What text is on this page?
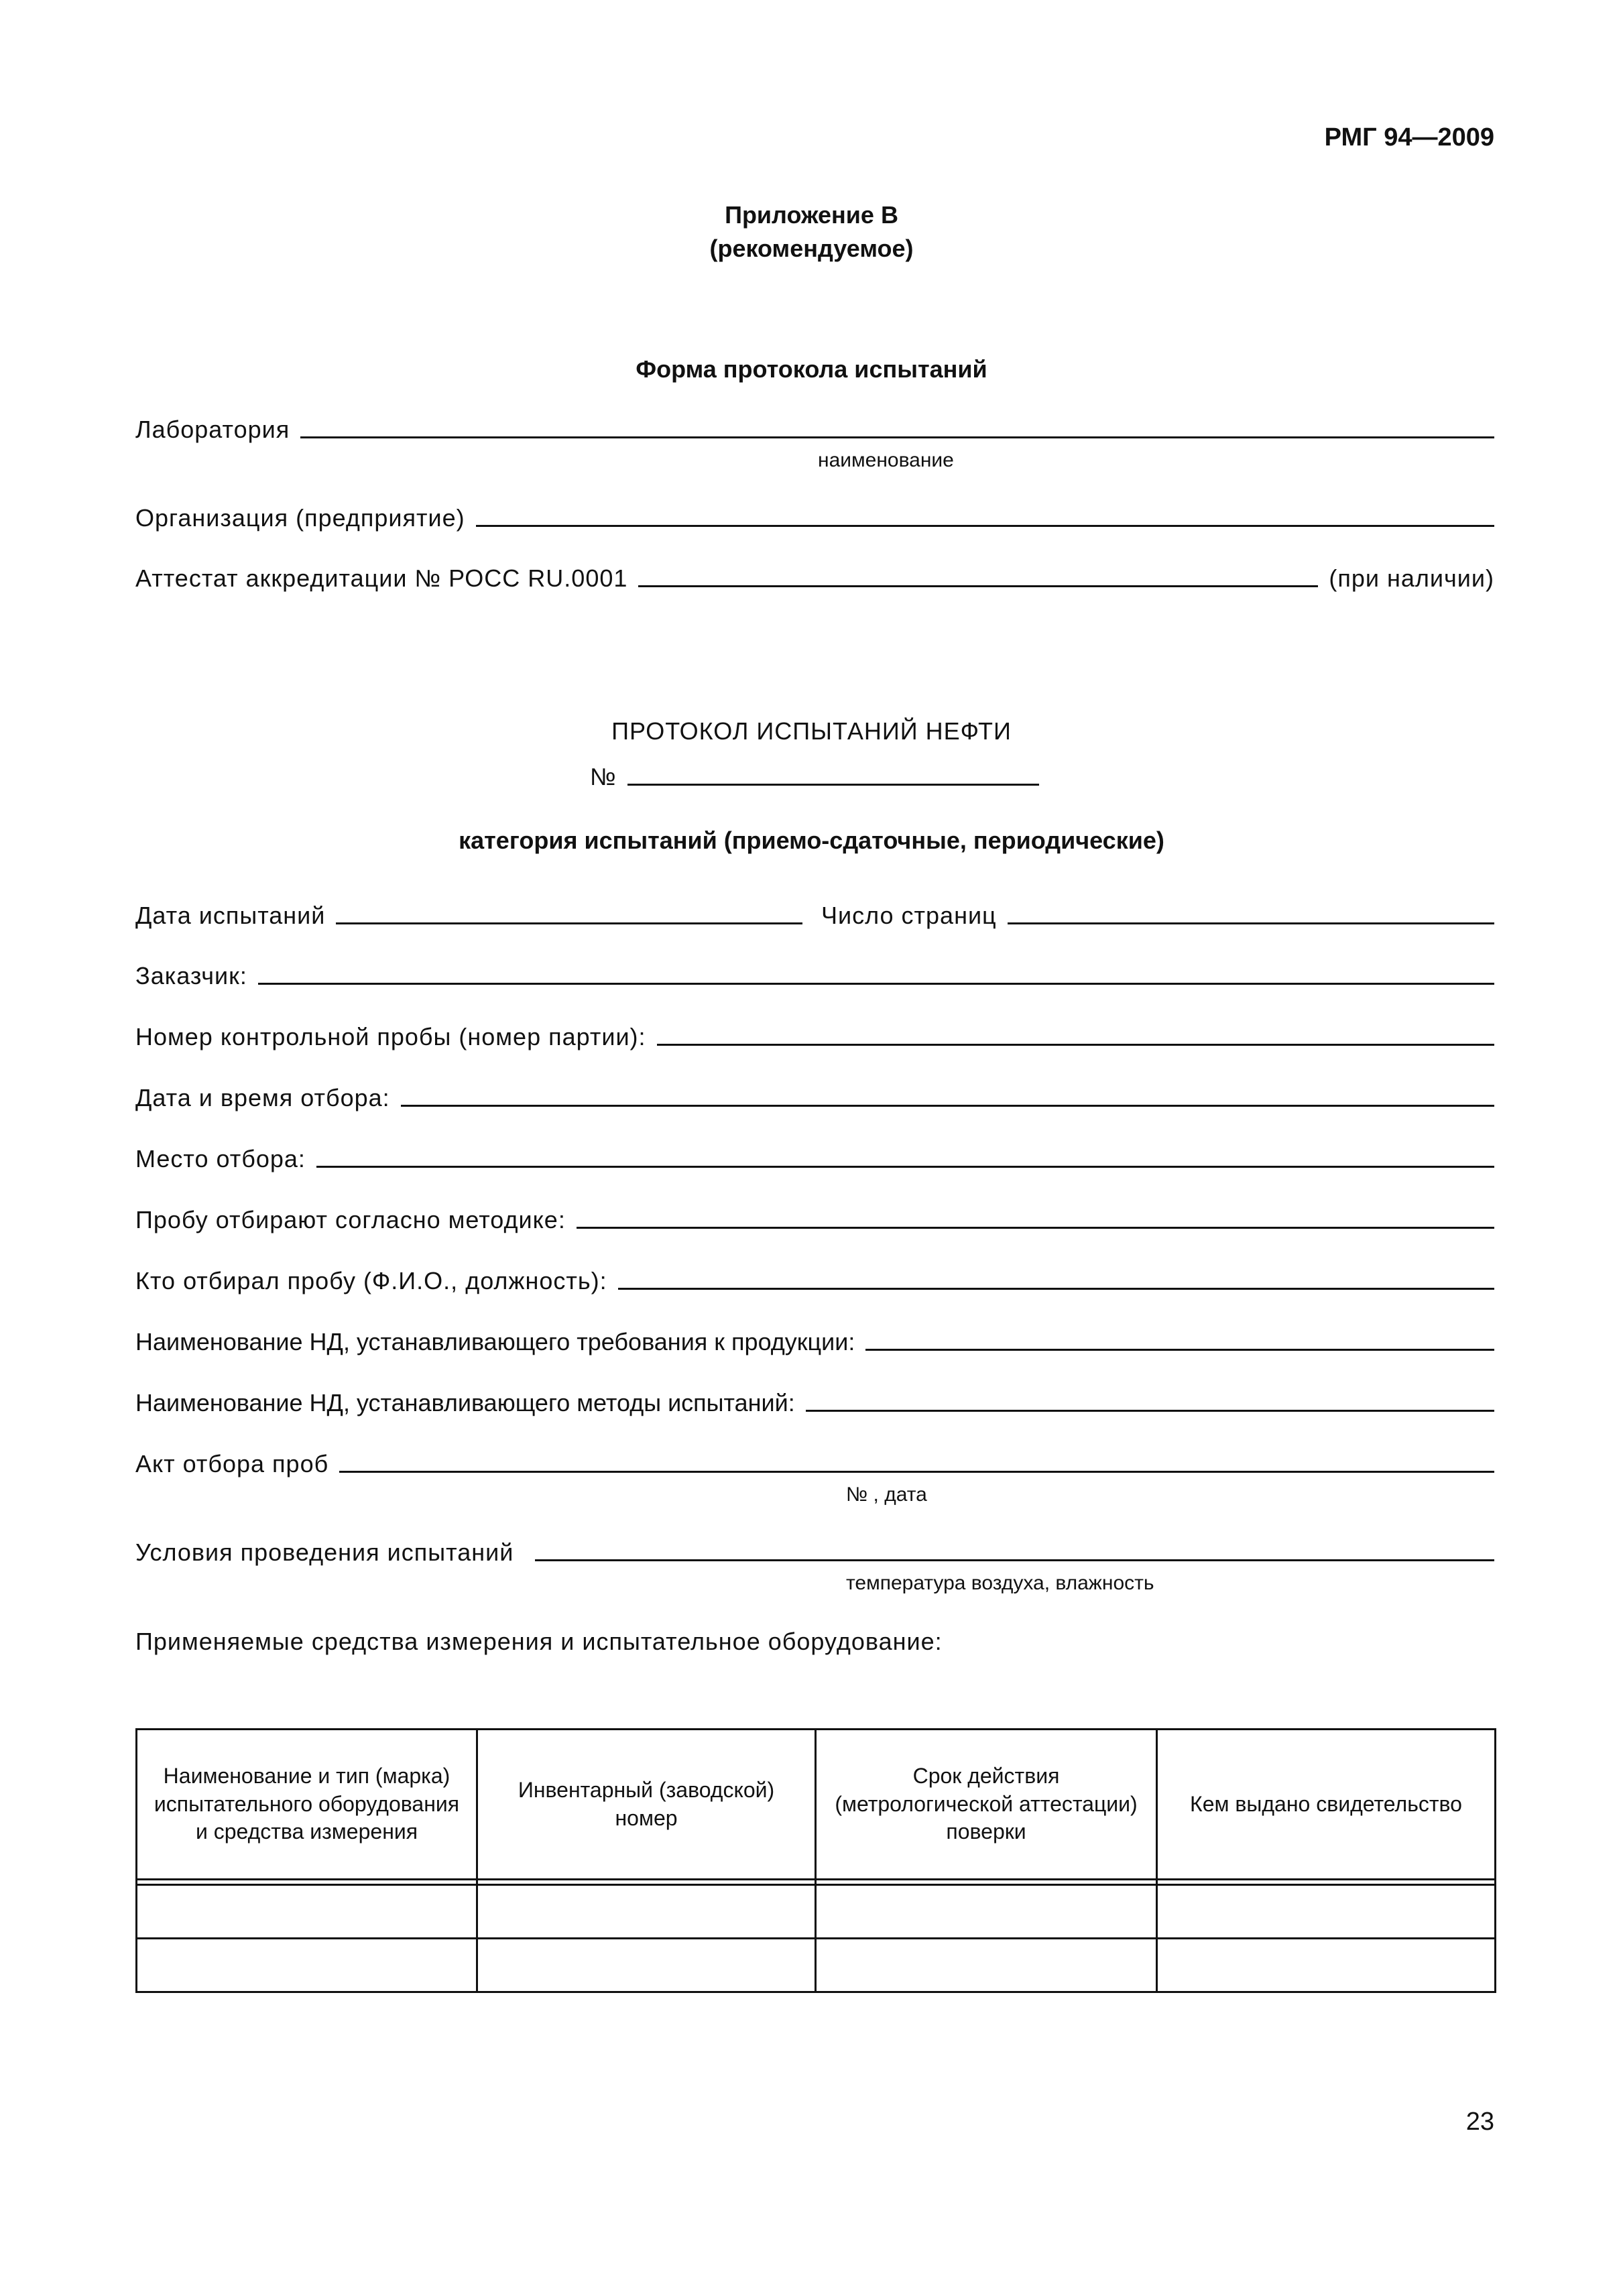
РМГ 94—2009
Приложение В
(рекомендуемое)
Форма протокола испытаний
Лаборатория
наименование
Организация (предприятие)
Аттестат аккредитации № РОСС RU.0001	(при наличии)
ПРОТОКОЛ ИСПЫТАНИЙ НЕФТИ
№
категория испытаний (приемо-сдаточные, периодические)
Дата испытаний	Число страниц
Заказчик:
Номер контрольной пробы (номер партии):
Дата и время отбора:
Место отбора:
Пробу отбирают согласно методике:
Кто отбирал пробу (Ф.И.О., должность):
Наименование НД, устанавливающего требования к продукции:
Наименование НД, устанавливающего методы испытаний:
Акт отбора проб
№ , дата
Условия проведения испытаний
температура воздуха, влажность
Применяемые средства измерения и испытательное оборудование:
Наименование и тип (марка) испытательного оборудования и средства измерения	Инвентарный (заводской) номер	Срок действия (метрологической аттестации) поверки	Кем выдано свидетельство

23
